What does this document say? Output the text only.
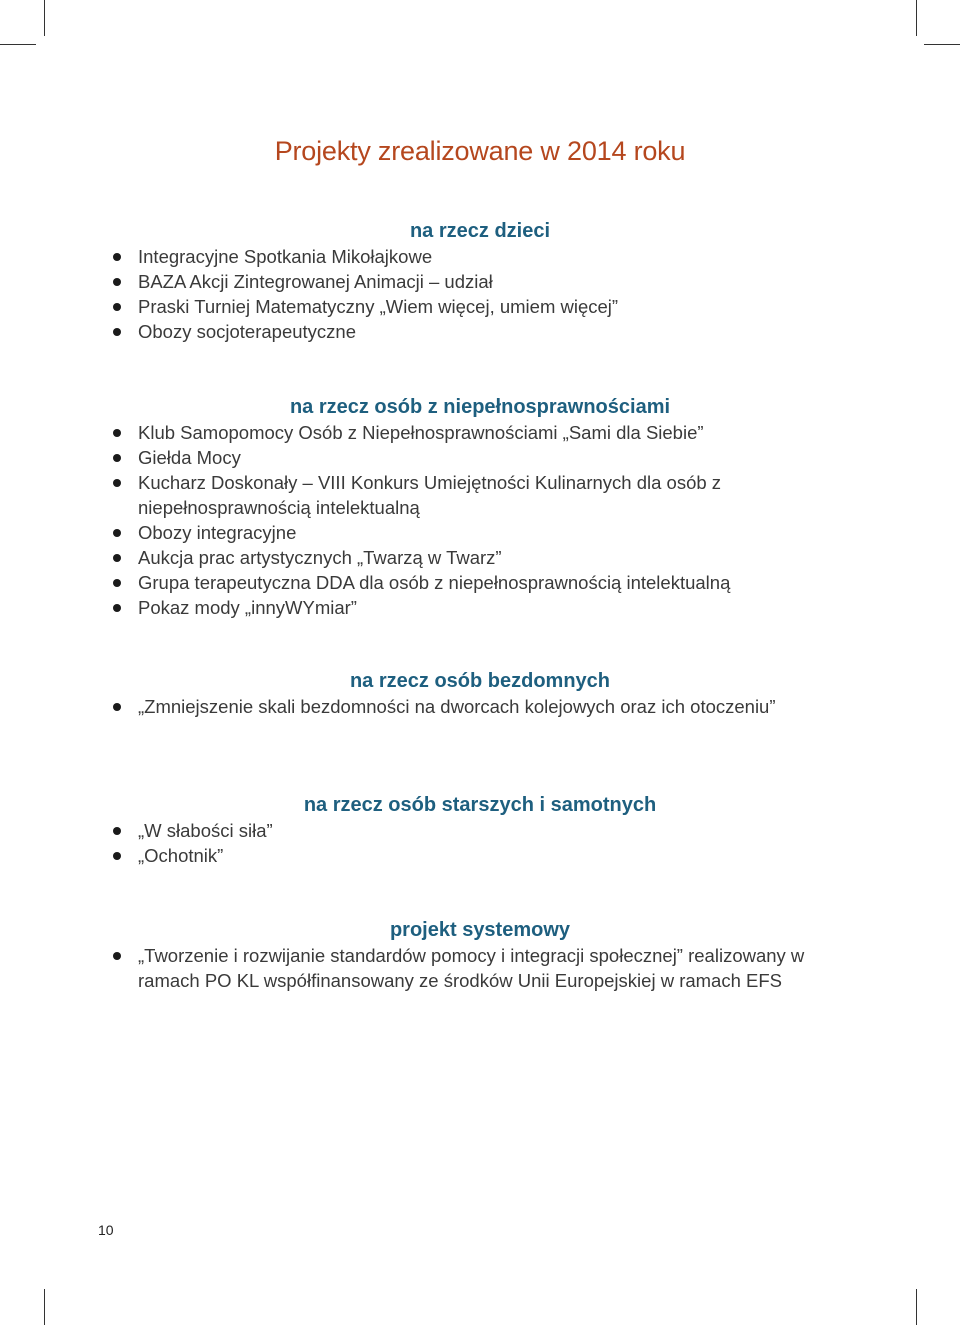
Projekty zrealizowane w 2014 roku
na rzecz dzieci
Integracyjne Spotkania Mikołajkowe
BAZA Akcji Zintegrowanej Animacji – udział
Praski Turniej Matematyczny „Wiem więcej, umiem więcej”
Obozy socjoterapeutyczne
na rzecz osób z niepełnosprawnościami
Klub Samopomocy Osób z Niepełnosprawnościami „Sami dla Siebie”
Giełda Mocy
Kucharz Doskonały – VIII Konkurs Umiejętności Kulinarnych dla osób z niepełnosprawnością intelektualną
Obozy integracyjne
Aukcja prac artystycznych „Twarzą w Twarz”
Grupa terapeutyczna DDA dla osób z niepełnosprawnością intelektualną
Pokaz mody „innyWYmiar”
na rzecz osób bezdomnych
„Zmniejszenie skali bezdomności na dworcach kolejowych oraz ich otoczeniu”
na rzecz osób starszych i samotnych
„W słabości siła”
„Ochotnik”
projekt systemowy
„Tworzenie i rozwijanie standardów pomocy i integracji społecznej” realizowany w ramach PO KL współfinansowany ze środków Unii Europejskiej w ramach EFS
10
